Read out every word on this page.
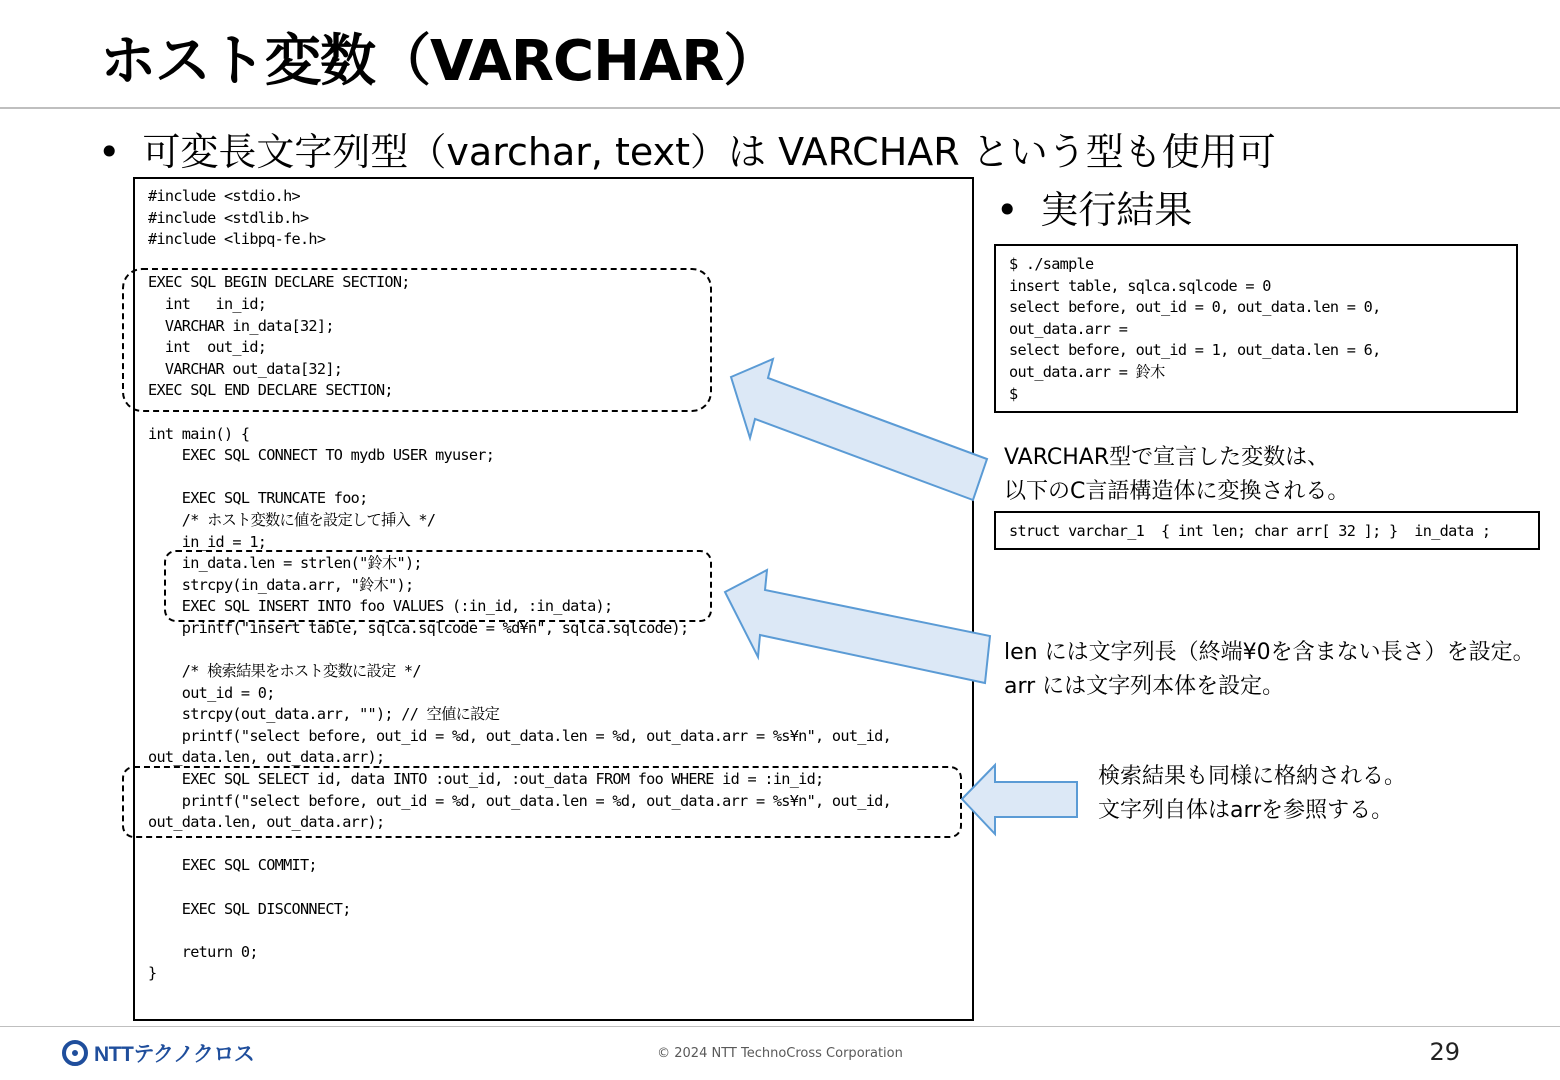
ホスト変数（VARCHAR）
• 可変長文字列型（varchar, text）は VARCHAR という型も使用可
#include <stdio.h>
#include <stdlib.h>
#include <libpq-fe.h>

EXEC SQL BEGIN DECLARE SECTION;
int   in_id;
VARCHAR in_data[32];
int  out_id;
VARCHAR out_data[32];
EXEC SQL END DECLARE SECTION;

int main() {
EXEC SQL CONNECT TO mydb USER myuser;

EXEC SQL TRUNCATE foo;
/* ホスト変数に値を設定して挿入 */
in_id = 1;
in_data.len = strlen("鈴木");
strcpy(in_data.arr, "鈴木");
EXEC SQL INSERT INTO foo VALUES (:in_id, :in_data);
printf("insert table, sqlca.sqlcode = %d¥n", sqlca.sqlcode);

/* 検索結果をホスト変数に設定 */
out_id = 0;
strcpy(out_data.arr, ""); // 空値に設定
printf("select before, out_id = %d, out_data.len = %d, out_data.arr = %s¥n", out_id,
out_data.len, out_data.arr);
EXEC SQL SELECT id, data INTO :out_id, :out_data FROM foo WHERE id = :in_id;
printf("select before, out_id = %d, out_data.len = %d, out_data.arr = %s¥n", out_id,
out_data.len, out_data.arr);

EXEC SQL COMMIT;

EXEC SQL DISCONNECT;

return 0;
}
• 実行結果
$ ./sample
insert table, sqlca.sqlcode = 0
select before, out_id = 0, out_data.len = 0,
out_data.arr =
select before, out_id = 1, out_data.len = 6,
out_data.arr = 鈴木
$
VARCHAR型で宣言した変数は、
以下のC言語構造体に変換される。
struct varchar_1  { int len; char arr[ 32 ]; }  in_data ;
len には文字列長（終端¥0を含まない長さ）を設定。
arr には文字列本体を設定。
検索結果も同様に格納される。
文字列自体はarrを参照する。
NTTテクノクロス	© 2024 NTT TechnoCross Corporation	29
